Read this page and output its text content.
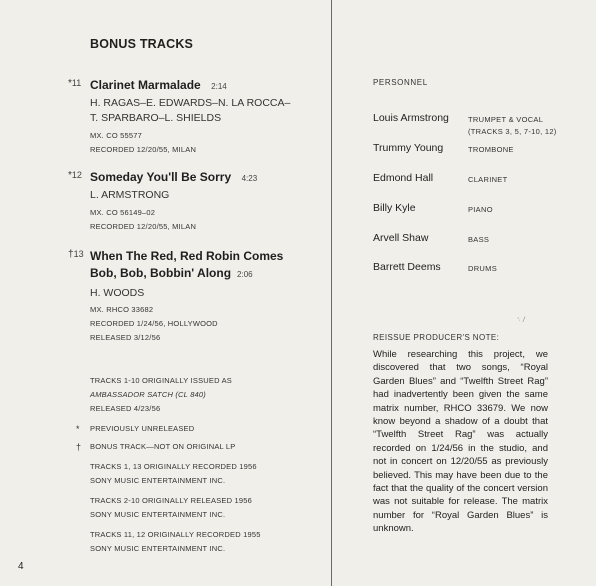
BONUS TRACKS
*11 Clarinet Marmalade 2:14
H. RAGAS–E. EDWARDS–N. LA ROCCA–
T. SPARBARO–L. SHIELDS
MX. CO 55577
RECORDED 12/20/55, MILAN
*12 Someday You'll Be Sorry 4:23
L. ARMSTRONG
MX. CO 56149–02
RECORDED 12/20/55, MILAN
†13 When The Red, Red Robin Comes
Bob, Bob, Bobbin' Along 2:06
H. WOODS
MX. RHCO 33682
RECORDED 1/24/56, HOLLYWOOD
RELEASED 3/12/56
TRACKS 1-10 ORIGINALLY ISSUED AS
AMBASSADOR SATCH (CL 840)
RELEASED 4/23/56
* PREVIOUSLY UNRELEASED
† BONUS TRACK—NOT ON ORIGINAL LP
TRACKS 1, 13 ORIGINALLY RECORDED 1956
SONY MUSIC ENTERTAINMENT INC.
TRACKS 2-10 ORIGINALLY RELEASED 1956
SONY MUSIC ENTERTAINMENT INC.
TRACKS 11, 12 ORIGINALLY RECORDED 1955
SONY MUSIC ENTERTAINMENT INC.
4
PERSONNEL
Louis Armstrong	TRUMPET & VOCAL
(TRACKS 3, 5, 7-10, 12)
Trummy Young	TROMBONE
Edmond Hall	CLARINET
Billy Kyle	PIANO
Arvell Shaw	BASS
Barrett Deems	DRUMS
‘​· /
REISSUE PRODUCER'S NOTE:
While researching this project, we discovered that two songs, “Royal Garden Blues” and “Twelfth Street Rag” had inadvertently been given the same matrix number, RHCO 33679. We now know beyond a shadow of a doubt that “Twelfth Street Rag” was actually recorded on 1/24/56 in the studio, and not in concert on 12/20/55 as previously believed. This may have been due to the fact that the quality of the concert version was not suitable for release. The matrix number for “Royal Garden Blues” is unknown.
